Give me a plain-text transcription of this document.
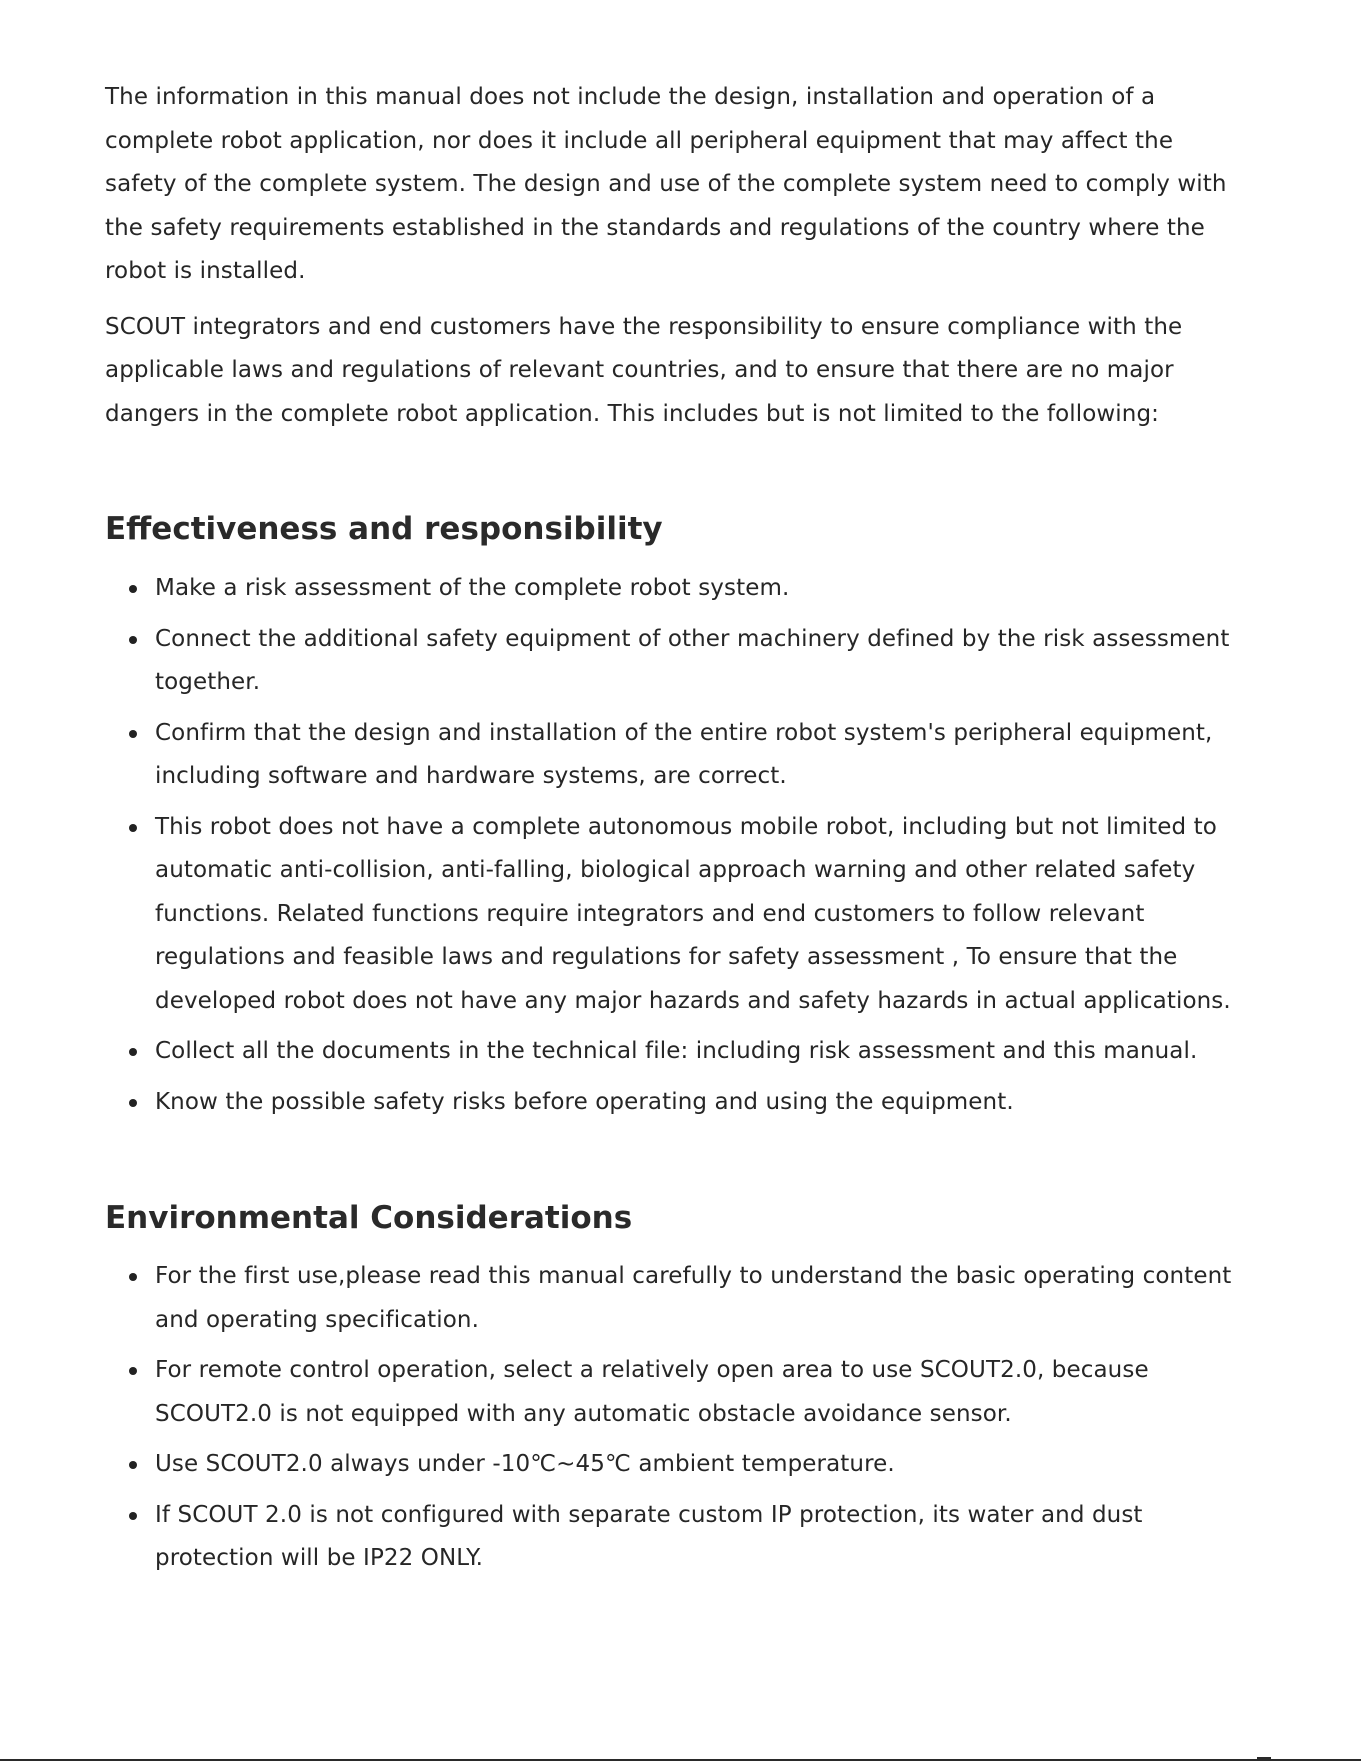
The information in this manual does not include the design, installation and operation of a complete robot application, nor does it include all peripheral equipment that may affect the safety of the complete system. The design and use of the complete system need to comply with the safety requirements established in the standards and regulations of the country where the robot is installed.

SCOUT integrators and end customers have the responsibility to ensure compliance with the applicable laws and regulations of relevant countries, and to ensure that there are no major dangers in the complete robot application. This includes but is not limited to the following:

Effectiveness and responsibility
Make a risk assessment of the complete robot system.
Connect the additional safety equipment of other machinery defined by the risk assessment together.
Confirm that the design and installation of the entire robot system's peripheral equipment, including software and hardware systems, are correct.
This robot does not have a complete autonomous mobile robot, including but not limited to automatic anti-collision, anti-falling, biological approach warning and other related safety functions. Related functions require integrators and end customers to follow relevant regulations and feasible laws and regulations for safety assessment , To ensure that the developed robot does not have any major hazards and safety hazards in actual applications.
Collect all the documents in the technical file: including risk assessment and this manual.
Know the possible safety risks before operating and using the equipment.
Environmental Considerations
For the first use,please read this manual carefully to understand the basic operating content and operating specification.
For remote control operation, select a relatively open area to use SCOUT2.0, because SCOUT2.0 is not equipped with any automatic obstacle avoidance sensor.
Use SCOUT2.0 always under -10℃~45℃ ambient temperature.
If SCOUT 2.0 is not configured with separate custom IP protection, its water and dust protection will be IP22 ONLY.
